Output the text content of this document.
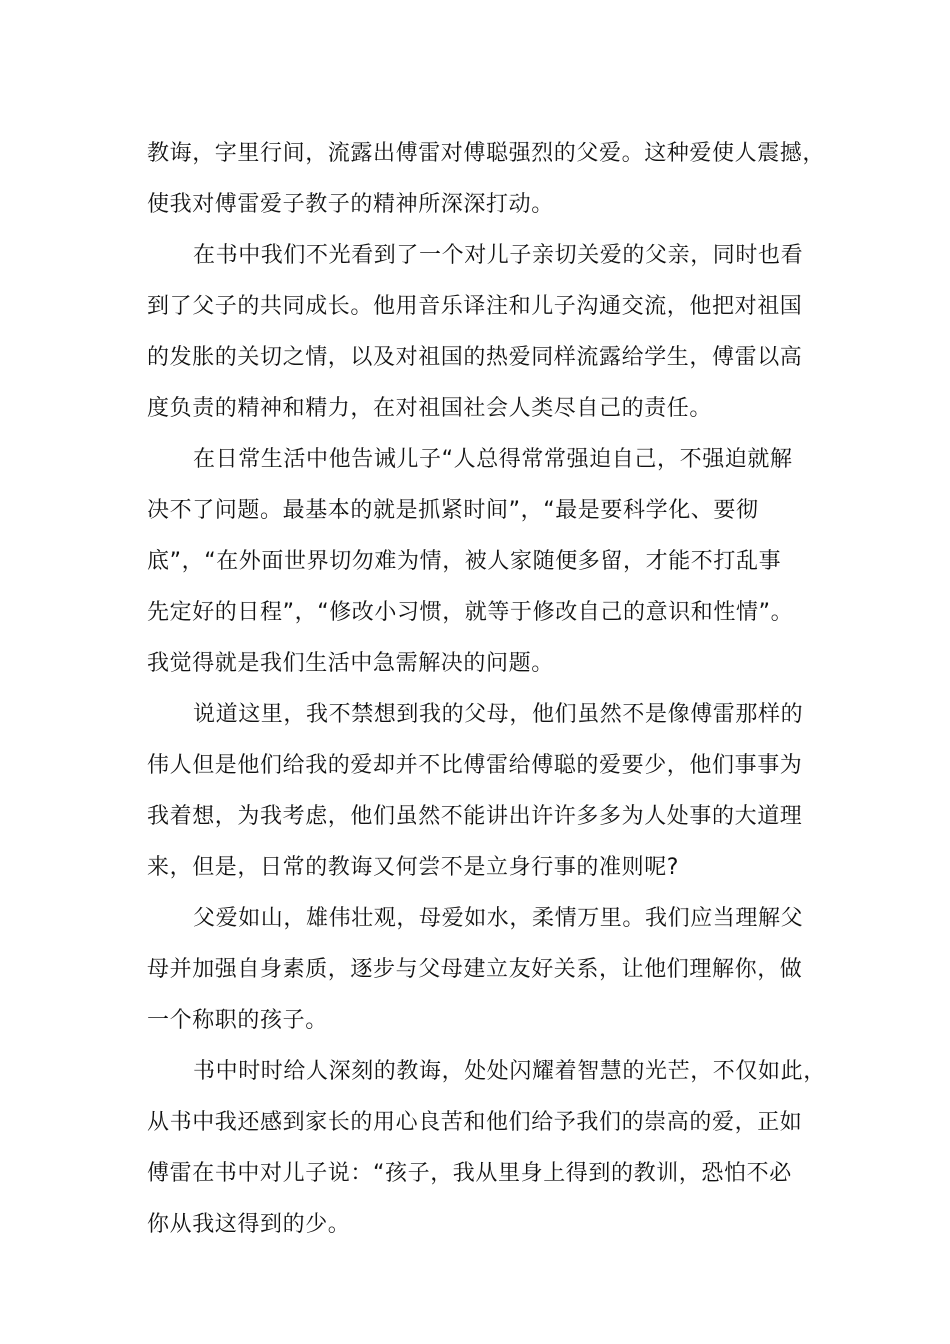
教诲，字里行间，流露出傅雷对傅聪强烈的父爱。这种爱使人震撼，
使我对傅雷爱子教子的精神所深深打动。
在书中我们不光看到了一个对儿子亲切关爱的父亲，同时也看
到了父子的共同成长。他用音乐译注和儿子沟通交流，他把对祖国
的发胀的关切之情，以及对祖国的热爱同样流露给学生，傅雷以高
度负责的精神和精力，在对祖国社会人类尽自己的责任。
在日常生活中他告诫儿子“人总得常常强迫自己，不强迫就解
决不了问题。最基本的就是抓紧时间”，“最是要科学化、要彻
底”，“在外面世界切勿难为情，被人家随便多留，才能不打乱事
先定好的日程”，“修改小习惯，就等于修改自己的意识和性情”。
我觉得就是我们生活中急需解决的问题。
说道这里，我不禁想到我的父母，他们虽然不是像傅雷那样的
伟人但是他们给我的爱却并不比傅雷给傅聪的爱要少，他们事事为
我着想，为我考虑，他们虽然不能讲出许许多多为人处事的大道理
来，但是，日常的教诲又何尝不是立身行事的准则呢?
父爱如山，雄伟壮观，母爱如水，柔情万里。我们应当理解父
母并加强自身素质，逐步与父母建立友好关系，让他们理解你，做
一个称职的孩子。
书中时时给人深刻的教诲，处处闪耀着智慧的光芒，不仅如此，
从书中我还感到家长的用心良苦和他们给予我们的崇高的爱，正如
傅雷在书中对儿子说：“孩子，我从里身上得到的教训，恐怕不必
你从我这得到的少。
